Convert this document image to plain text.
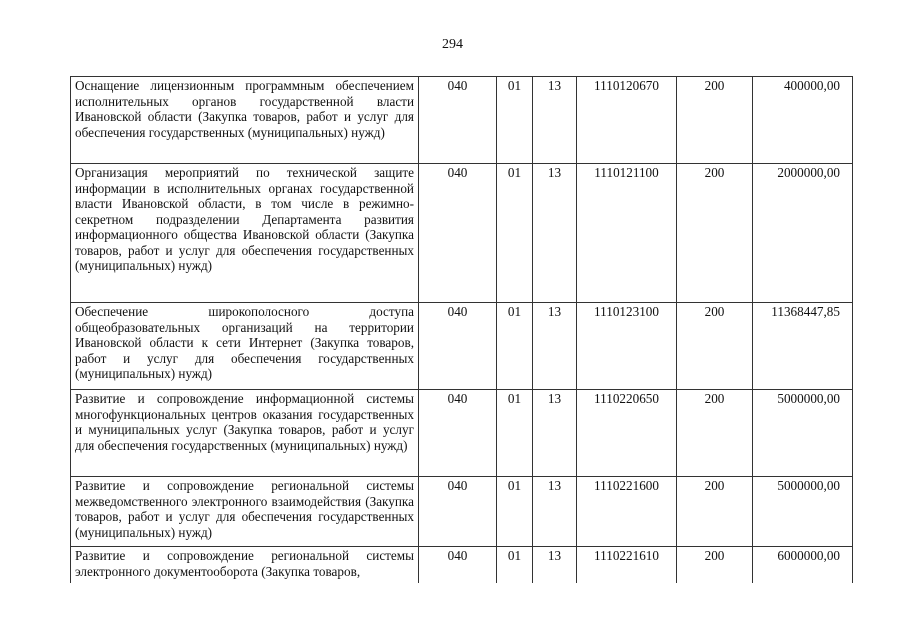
294
Оснащение лицензионным программным обеспечением исполнительных органов государственной власти Ивановской области (Закупка товаров, работ и услуг для обеспечения государственных (муниципальных) нужд)	040	01	13	1110120670	200	400000,00
Организация мероприятий по технической защите информации в исполнительных органах государственной власти Ивановской области, в том числе в режимно-секретном подразделении Департамента развития информационного общества Ивановской области (Закупка товаров, работ и услуг для обеспечения государственных (муниципальных) нужд)	040	01	13	1110121100	200	2000000,00
Обеспечение широкополосного доступа общеобразовательных организаций на территории Ивановской области к сети Интернет (Закупка товаров, работ и услуг для обеспечения государственных (муниципальных) нужд)	040	01	13	1110123100	200	11368447,85
Развитие и сопровождение информационной системы многофункциональных центров оказания государственных и муниципальных услуг (Закупка товаров, работ и услуг для обеспечения государственных (муниципальных) нужд)	040	01	13	1110220650	200	5000000,00
Развитие и сопровождение региональной системы межведомственного электронного взаимодействия (Закупка товаров, работ и услуг для обеспечения государственных (муниципальных) нужд)	040	01	13	1110221600	200	5000000,00
Развитие и сопровождение региональной системы электронного документооборота (Закупка товаров,	040	01	13	1110221610	200	6000000,00
